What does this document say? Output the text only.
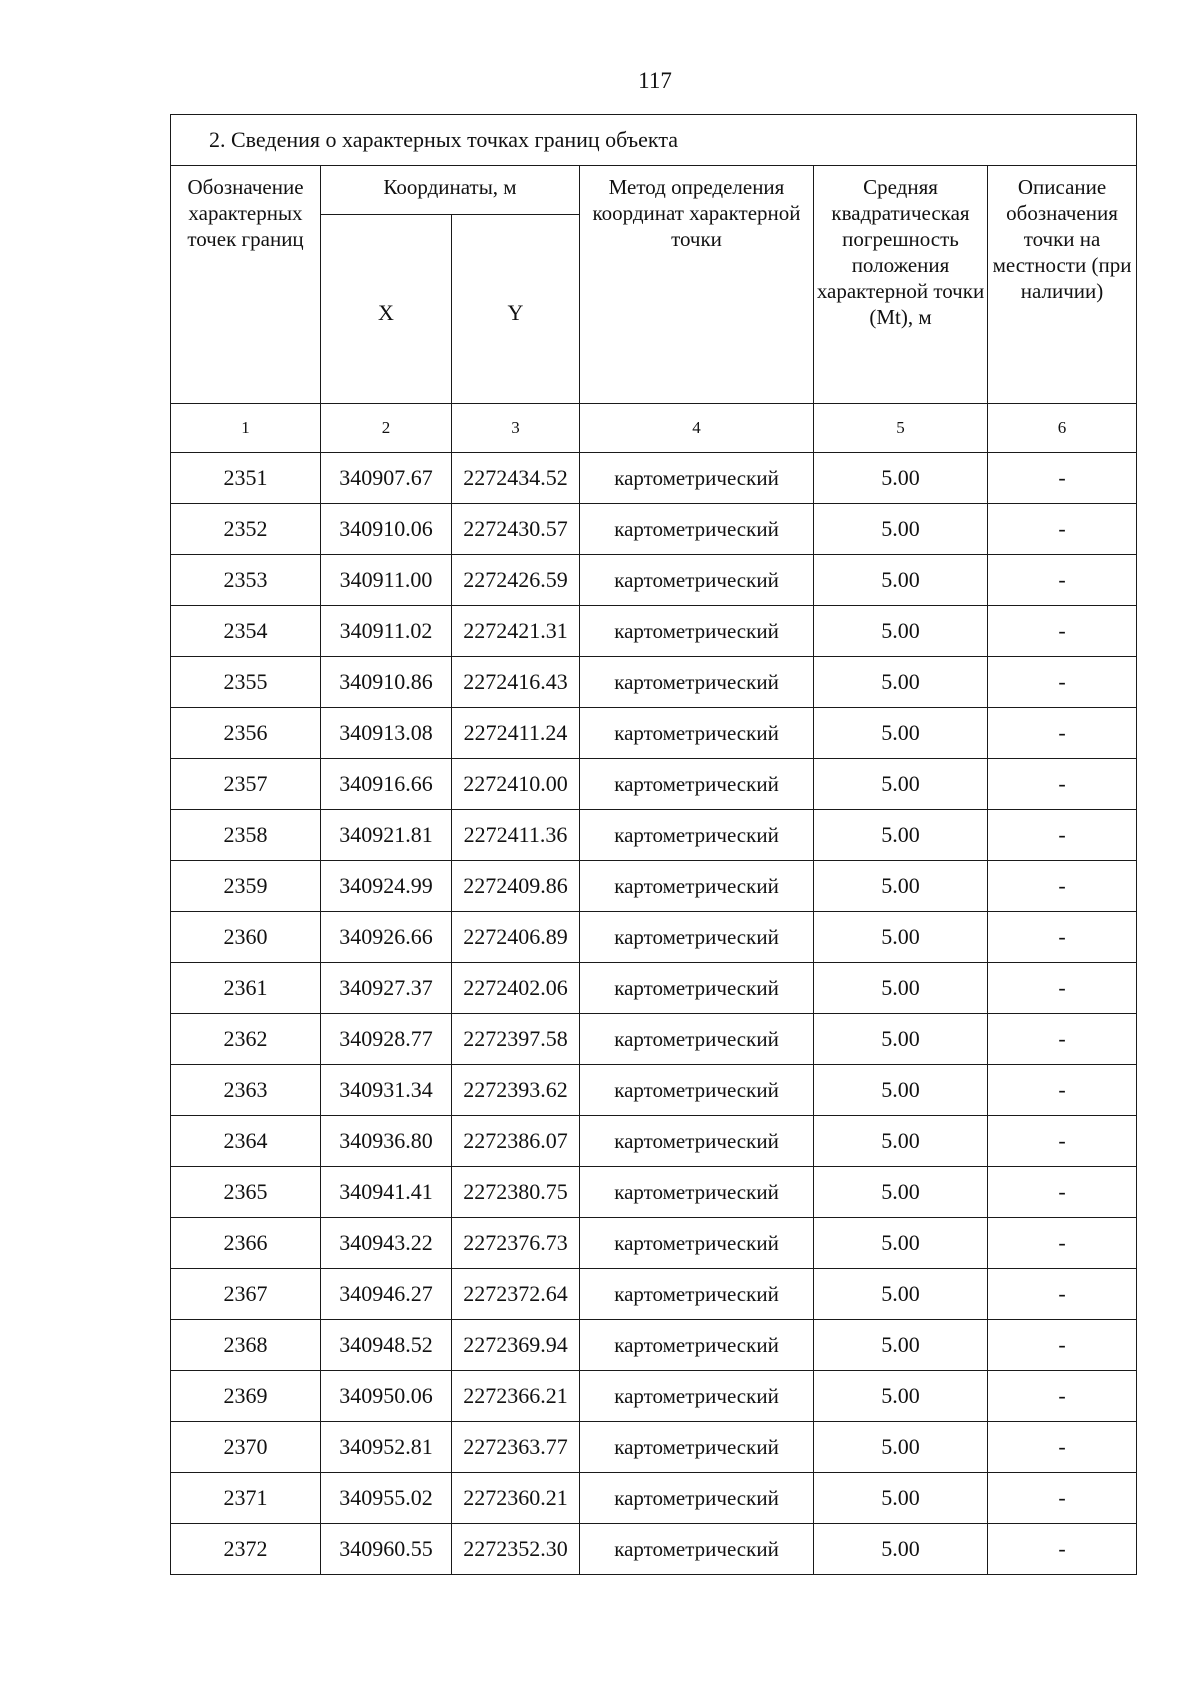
117
2. Сведения о характерных точках границ объекта					
Обозначение характерных точек границ	Координаты, м		Метод определения координат характерной точки	Средняя квадратическая погрешность положения характерной точки (Mt), м	Описание обозначения точки на местности (при наличии)
	X	Y			
1	2	3	4	5	6
2351	340907.67	2272434.52	картометрический	5.00	-
2352	340910.06	2272430.57	картометрический	5.00	-
2353	340911.00	2272426.59	картометрический	5.00	-
2354	340911.02	2272421.31	картометрический	5.00	-
2355	340910.86	2272416.43	картометрический	5.00	-
2356	340913.08	2272411.24	картометрический	5.00	-
2357	340916.66	2272410.00	картометрический	5.00	-
2358	340921.81	2272411.36	картометрический	5.00	-
2359	340924.99	2272409.86	картометрический	5.00	-
2360	340926.66	2272406.89	картометрический	5.00	-
2361	340927.37	2272402.06	картометрический	5.00	-
2362	340928.77	2272397.58	картометрический	5.00	-
2363	340931.34	2272393.62	картометрический	5.00	-
2364	340936.80	2272386.07	картометрический	5.00	-
2365	340941.41	2272380.75	картометрический	5.00	-
2366	340943.22	2272376.73	картометрический	5.00	-
2367	340946.27	2272372.64	картометрический	5.00	-
2368	340948.52	2272369.94	картометрический	5.00	-
2369	340950.06	2272366.21	картометрический	5.00	-
2370	340952.81	2272363.77	картометрический	5.00	-
2371	340955.02	2272360.21	картометрический	5.00	-
2372	340960.55	2272352.30	картометрический	5.00	-
